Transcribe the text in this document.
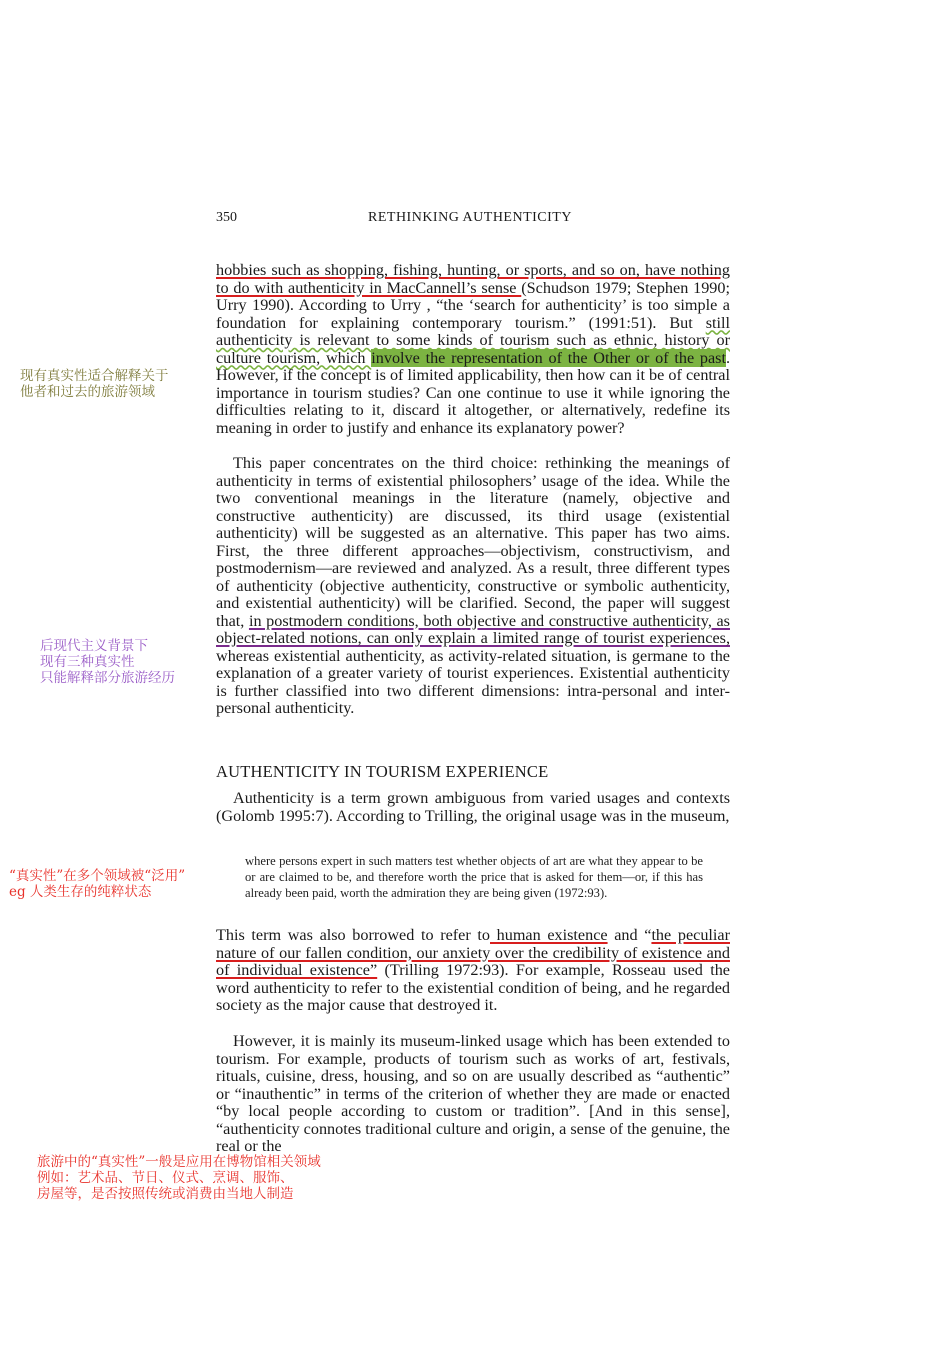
350	RETHINKING AUTHENTICITY
hobbies such as shopping, fishing, hunting, or sports, and so on, have nothing to do with authenticity in MacCannell’s sense (Schudson 1979; Stephen 1990; Urry 1990). According to Urry , “the ‘search for authenticity’ is too simple a foundation for explaining contemporary tourism.” (1991:51). But still authenticity is relevant to some kinds of tourism such as ethnic, history or culture tourism, which involve the representation of the Other or of the past. However, if the concept is of limited applicability, then how can it be of central importance in tourism studies? Can one continue to use it while ignoring the difficulties relating to it, discard it altogether, or alternatively, redefine its meaning in order to justify and enhance its explanatory power?
This paper concentrates on the third choice: rethinking the meanings of authenticity in terms of existential philosophers’ usage of the idea. While the two conventional meanings in the literature (namely, objective and constructive authenticity) are discussed, its third usage (existential authenticity) will be suggested as an alternative. This paper has two aims. First, the three different approaches—objectivism, constructivism, and postmodernism—are reviewed and analyzed. As a result, three different types of authenticity (objective authenticity, constructive or symbolic authenticity, and existential authenticity) will be clarified. Second, the paper will suggest that, in postmodern conditions, both objective and constructive authenticity, as object-related notions, can only explain a limited range of tourist experiences, whereas existential authenticity, as activity-related situation, is germane to the explanation of a greater variety of tourist experiences. Existential authenticity is further classified into two different dimensions: intra-personal and inter-personal authenticity.
AUTHENTICITY IN TOURISM EXPERIENCE
Authenticity is a term grown ambiguous from varied usages and contexts (Golomb 1995:7). According to Trilling, the original usage was in the museum,
where persons expert in such matters test whether objects of art are what they appear to be or are claimed to be, and therefore worth the price that is asked for them—or, if this has already been paid, worth the admiration they are being given (1972:93).
This term was also borrowed to refer to human existence and “the peculiar nature of our fallen condition, our anxiety over the credibility of existence and of individual existence” (Trilling 1972:93). For example, Rosseau used the word authenticity to refer to the existential condition of being, and he regarded society as the major cause that destroyed it.
However, it is mainly its museum-linked usage which has been extended to tourism. For example, products of tourism such as works of art, festivals, rituals, cuisine, dress, housing, and so on are usually described as “authentic” or “inauthentic” in terms of the criterion of whether they are made or enacted “by local people according to custom or tradition”. [And in this sense], “authenticity connotes traditional culture and origin, a sense of the genuine, the real or the
现有真实性适合解释关于
他者和过去的旅游领域
后现代主义背景下
现有三种真实性
只能解释部分旅游经历
“真实性”在多个领域被“泛用”
eg 人类生存的纯粹状态
旅游中的“真实性”一般是应用在博物馆相关领域
例如：艺术品、节日、仪式、烹调、服饰、
房屋等，是否按照传统或消费由当地人制造
